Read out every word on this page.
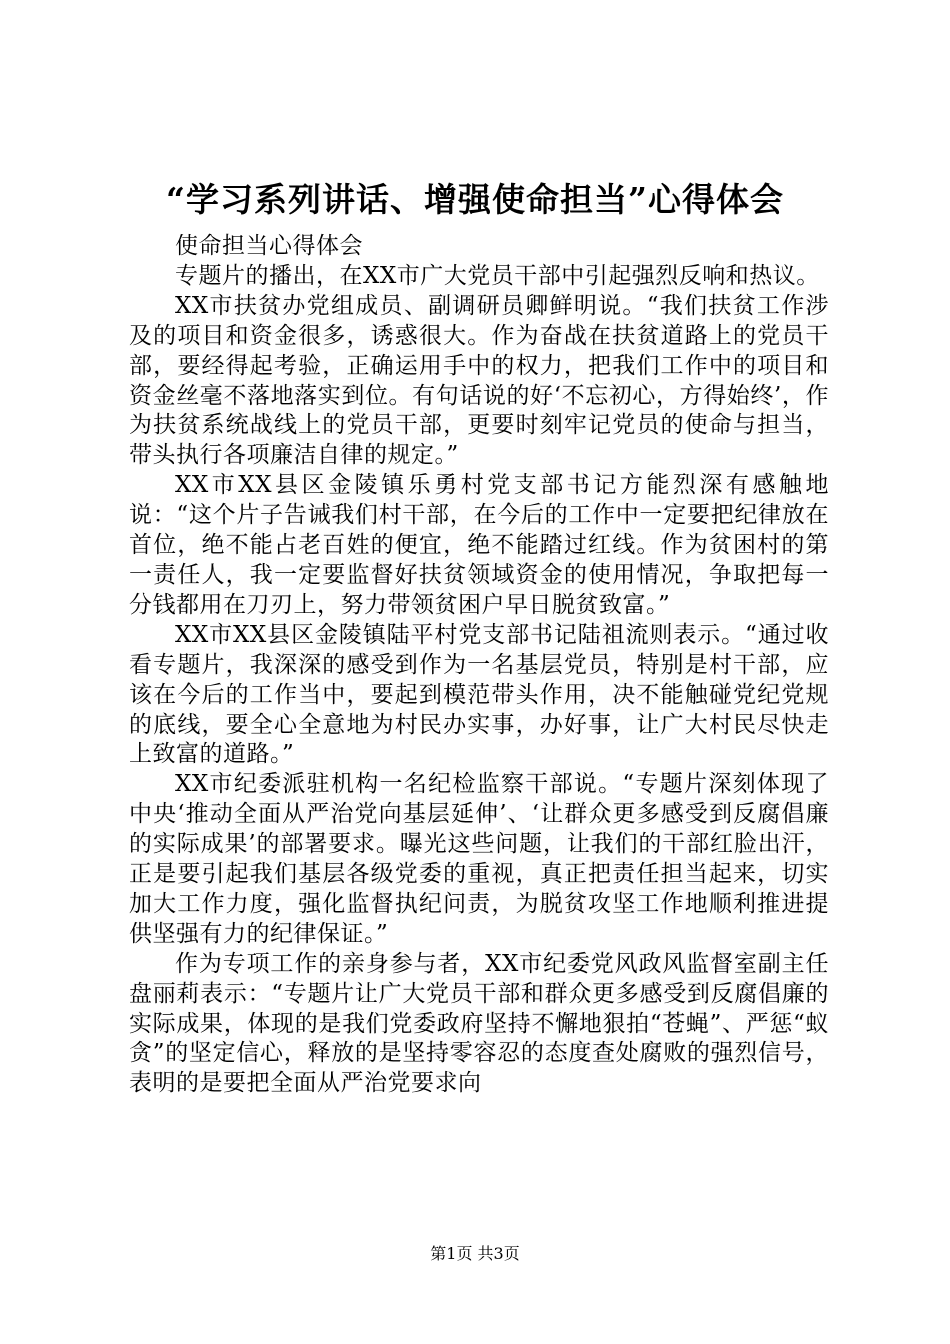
“学习系列讲话、增强使命担当”心得体会

使命担当心得体会

专题片的播出，在XX市广大党员干部中引起强烈反响和热议。

XX市扶贫办党组成员、副调研员卿鲜明说。“我们扶贫工作涉及的项目和资金很多，诱惑很大。作为奋战在扶贫道路上的党员干部，要经得起考验，正确运用手中的权力，把我们工作中的项目和资金丝毫不落地落实到位。有句话说的好‘不忘初心，方得始终’，作为扶贫系统战线上的党员干部，更要时刻牢记党员的使命与担当，带头执行各项廉洁自律的规定。”

XX市XX县区金陵镇乐勇村党支部书记方能烈深有感触地说：“这个片子告诫我们村干部，在今后的工作中一定要把纪律放在首位，绝不能占老百姓的便宜，绝不能踏过红线。作为贫困村的第一责任人，我一定要监督好扶贫领域资金的使用情况，争取把每一分钱都用在刀刃上，努力带领贫困户早日脱贫致富。”

XX市XX县区金陵镇陆平村党支部书记陆祖流则表示。“通过收看专题片，我深深的感受到作为一名基层党员，特别是村干部，应该在今后的工作当中，要起到模范带头作用，决不能触碰党纪党规的底线，要全心全意地为村民办实事，办好事，让广大村民尽快走上致富的道路。”

XX市纪委派驻机构一名纪检监察干部说。“专题片深刻体现了中央‘推动全面从严治党向基层延伸’、‘让群众更多感受到反腐倡廉的实际成果’的部署要求。曝光这些问题，让我们的干部红脸出汗，正是要引起我们基层各级党委的重视，真正把责任担当起来，切实加大工作力度，强化监督执纪问责，为脱贫攻坚工作地顺利推进提供坚强有力的纪律保证。”

作为专项工作的亲身参与者，XX市纪委党风政风监督室副主任盘丽莉表示：“专题片让广大党员干部和群众更多感受到反腐倡廉的实际成果，体现的是我们党委政府坚持不懈地狠拍“苍蝇”、严惩“蚁贪”的坚定信心，释放的是坚持零容忍的态度查处腐败的强烈信号，表明的是要把全面从严治党要求向

第1页 共3页
